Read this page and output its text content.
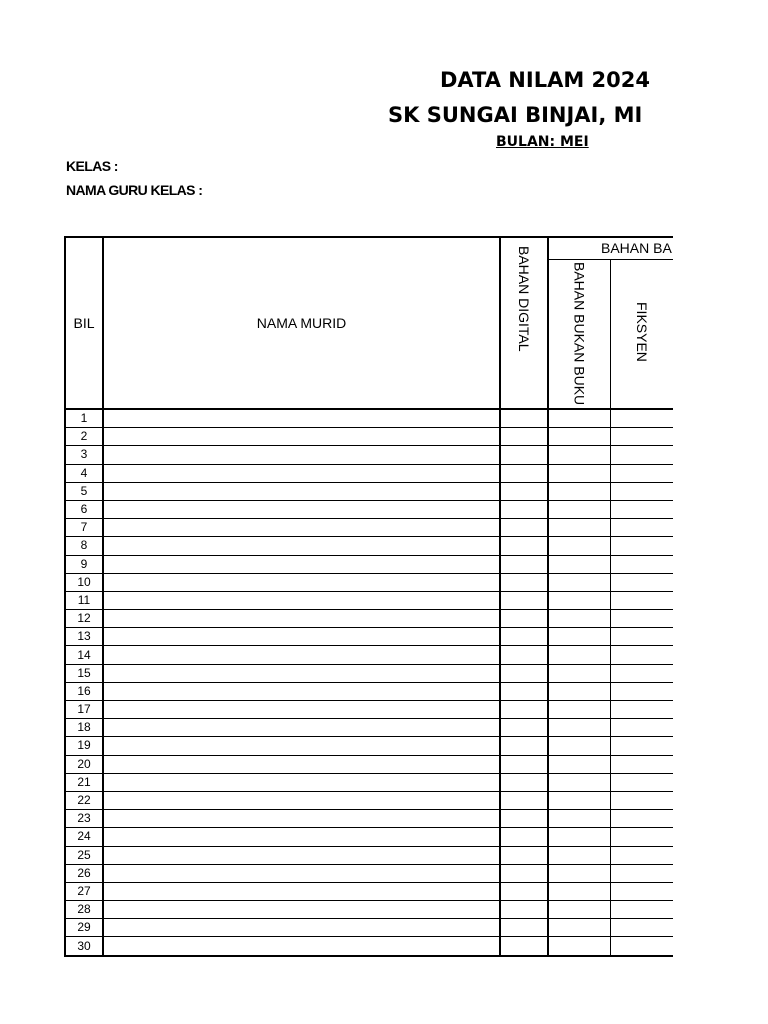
DATA NILAM 2024
SK SUNGAI BINJAI, MI
BULAN: MEI
KELAS :
NAMA GURU KELAS :
BIL	NAMA MURID	BAHAN DIGITAL	BAHAN BA		
			BAHAN BUKAN BUKU	FIKSYEN	
1					
2					
3					
4					
5					
6					
7					
8					
9					
10					
11					
12					
13					
14					
15					
16					
17					
18					
19					
20					
21					
22					
23					
24					
25					
26					
27					
28					
29					
30					
